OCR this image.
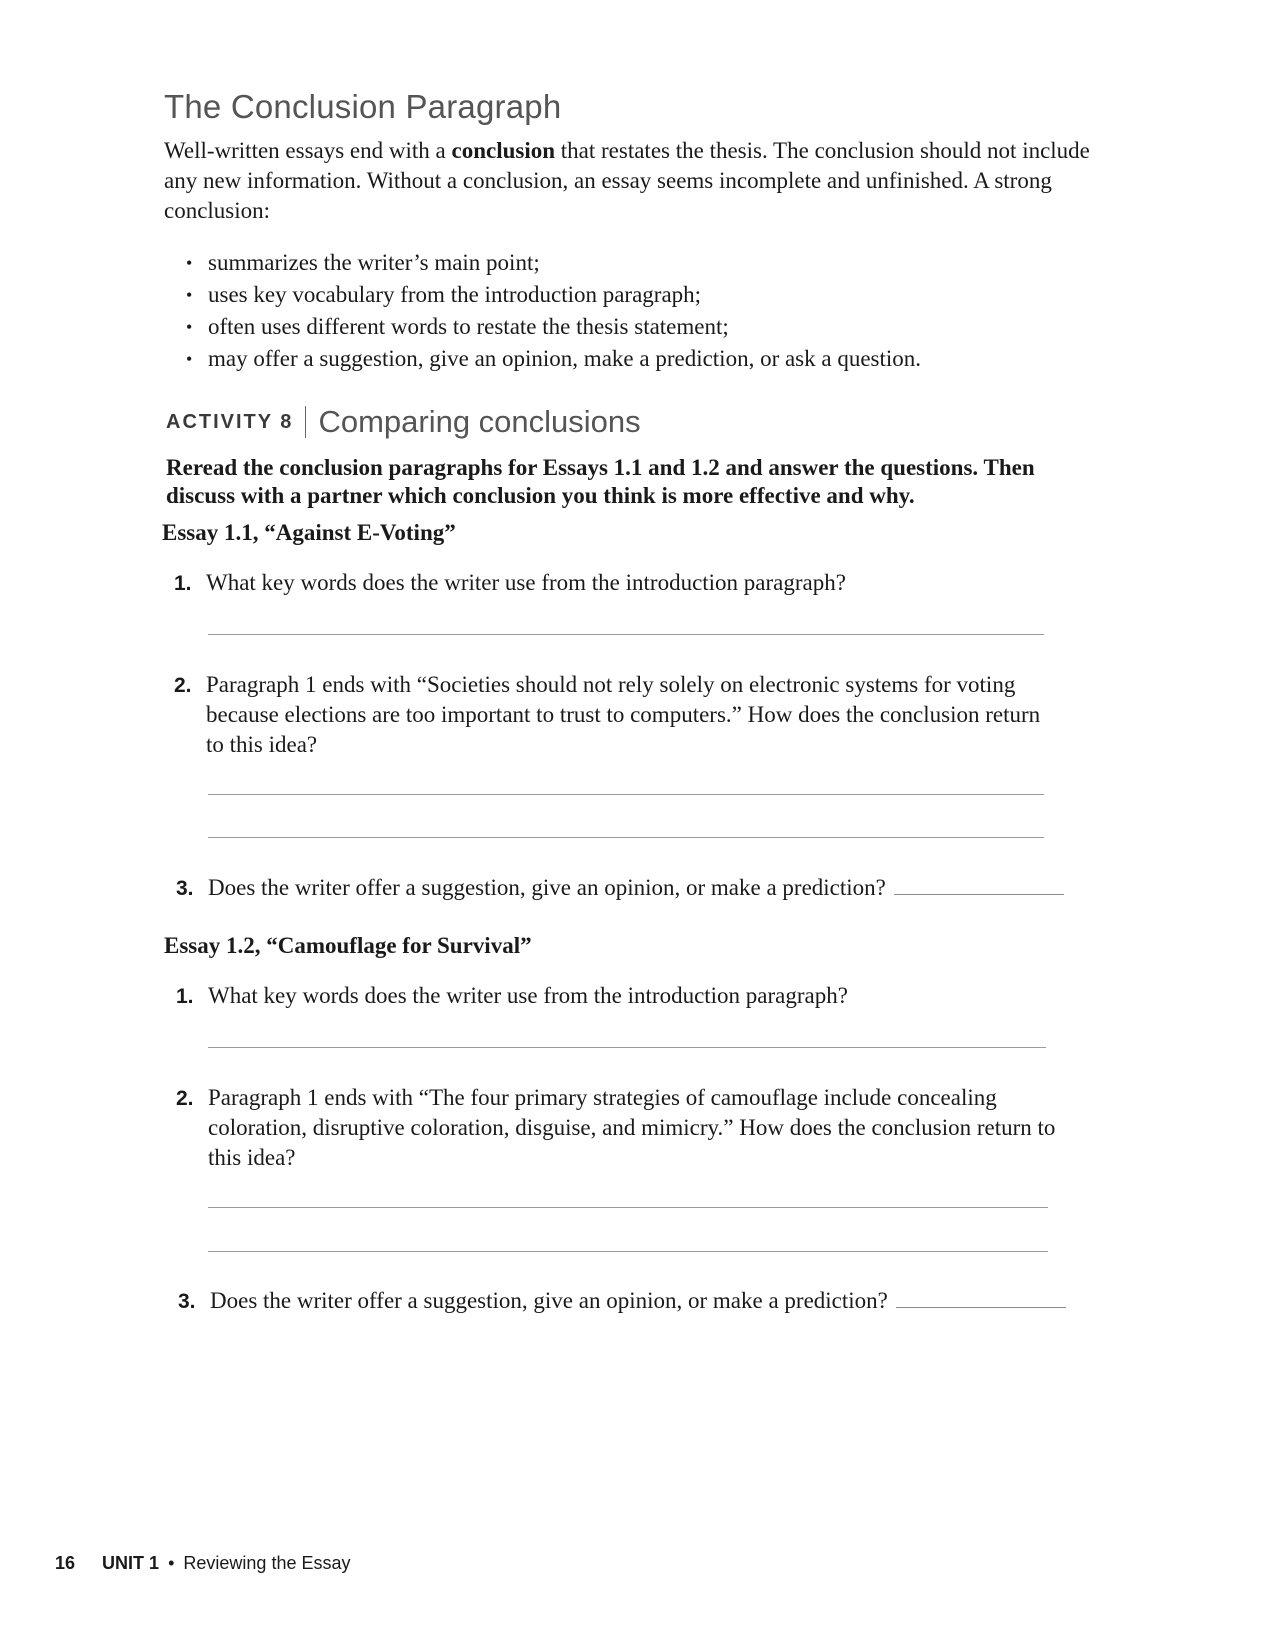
The Conclusion Paragraph

Well-written essays end with a conclusion that restates the thesis. The conclusion should not include any new information. Without a conclusion, an essay seems incomplete and unfinished. A strong conclusion:

• summarizes the writer’s main point;
• uses key vocabulary from the introduction paragraph;
• often uses different words to restate the thesis statement;
• may offer a suggestion, give an opinion, make a prediction, or ask a question.
ACTIVITY 8 Comparing conclusions

Reread the conclusion paragraphs for Essays 1.1 and 1.2 and answer the questions. Then discuss with a partner which conclusion you think is more effective and why.

Essay 1.1, “Against E-Voting”

1. What key words does the writer use from the introduction paragraph?
2. Paragraph 1 ends with “Societies should not rely solely on electronic systems for voting because elections are too important to trust to computers.” How does the conclusion return to this idea?
3. Does the writer offer a suggestion, give an opinion, or make a prediction?

Essay 1.2, “Camouflage for Survival”

1. What key words does the writer use from the introduction paragraph?
2. Paragraph 1 ends with “The four primary strategies of camouflage include concealing coloration, disruptive coloration, disguise, and mimicry.” How does the conclusion return to this idea?
3. Does the writer offer a suggestion, give an opinion, or make a prediction?
16 UNIT 1 • Reviewing the Essay
